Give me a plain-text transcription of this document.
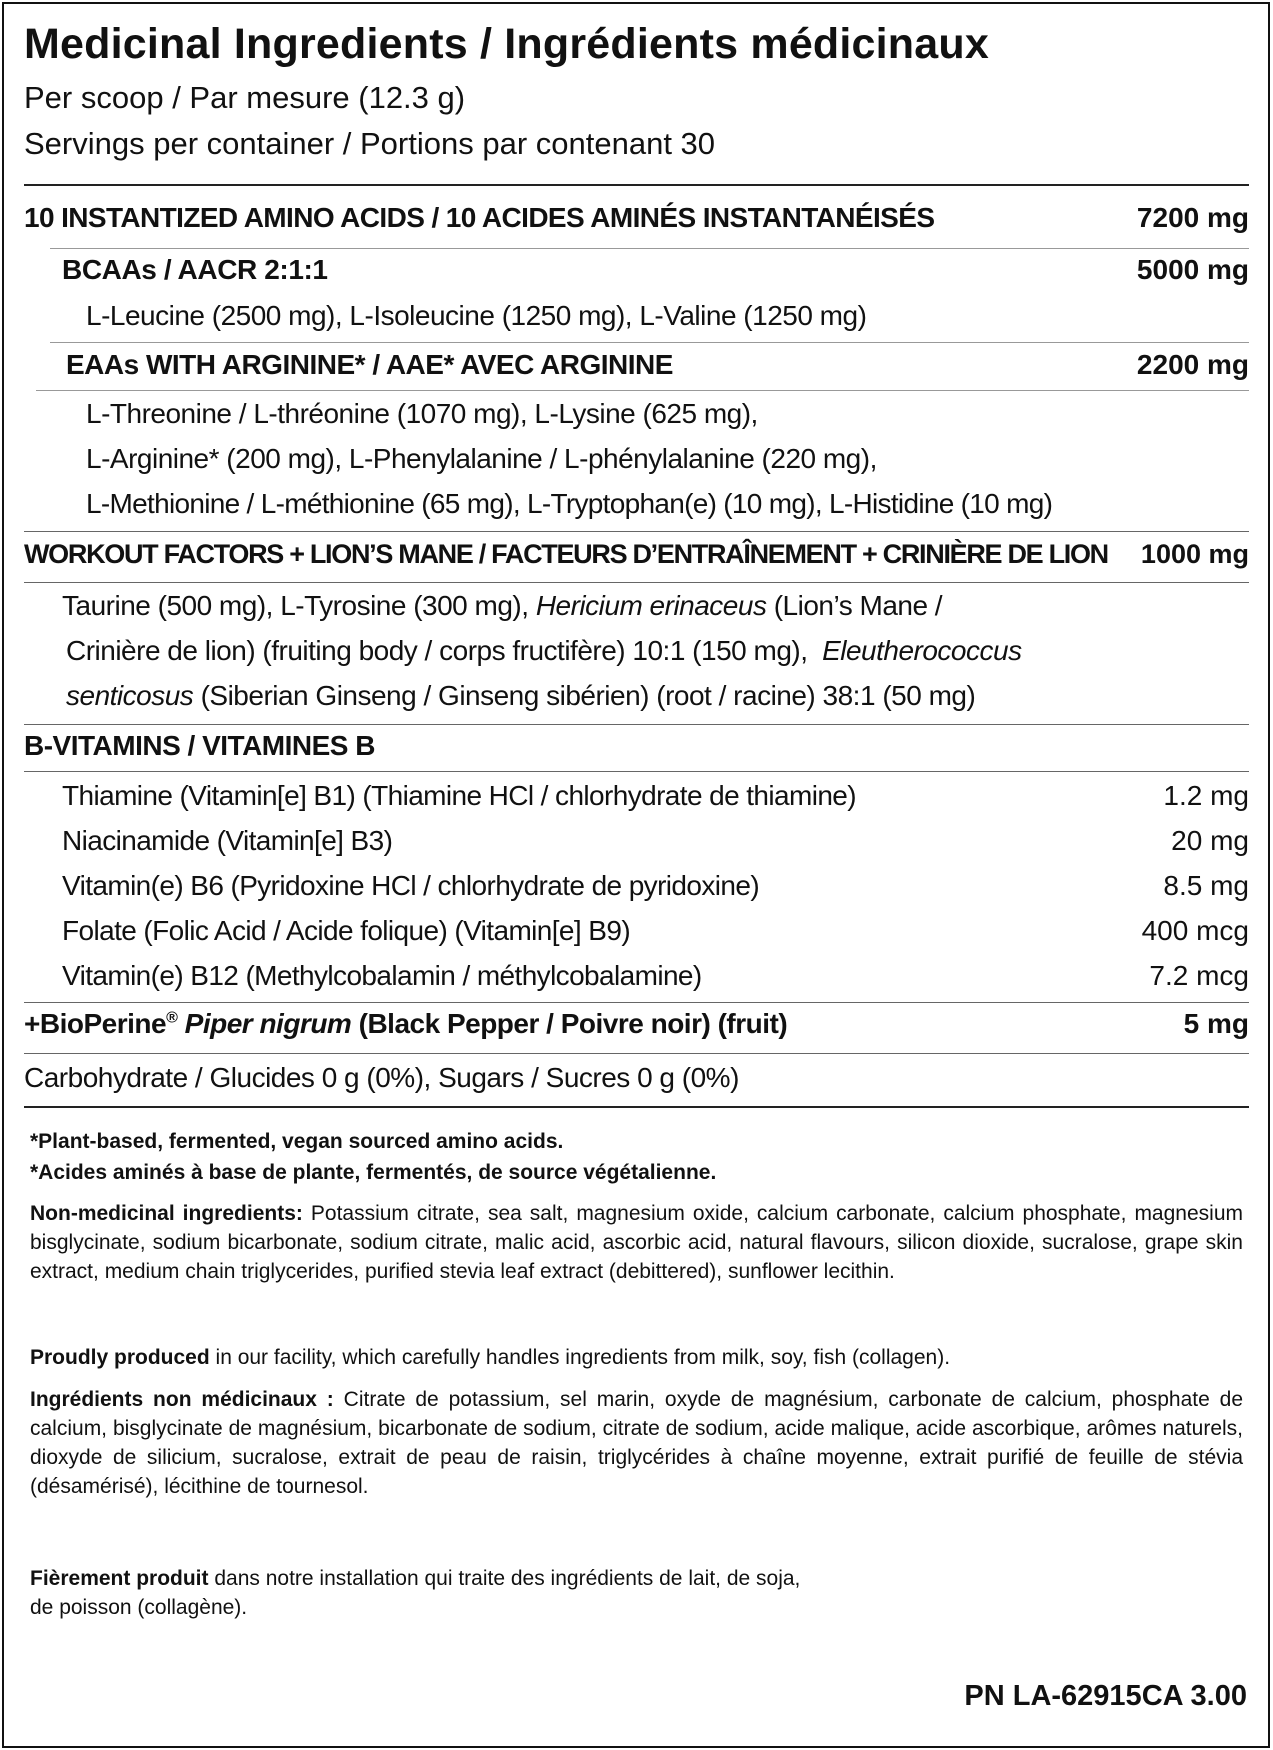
Medicinal Ingredients / Ingrédients médicinaux
Per scoop / Par mesure (12.3 g)
Servings per container / Portions par contenant 30
10 INSTANTIZED AMINO ACIDS / 10 ACIDES AMINÉS INSTANTANÉISÉS	7200 mg
BCAAs / AACR 2:1:1	5000 mg
L-Leucine (2500 mg), L-Isoleucine (1250 mg), L-Valine (1250 mg)
EAAs WITH ARGININE* / AAE* AVEC ARGININE	2200 mg
L-Threonine / L-thréonine (1070 mg), L-Lysine (625 mg),
L-Arginine* (200 mg), L-Phenylalanine / L-phénylalanine (220 mg),
L-Methionine / L-méthionine (65 mg), L-Tryptophan(e) (10 mg), L-Histidine (10 mg)
WORKOUT FACTORS + LION’S MANE / FACTEURS D’ENTRAÎNEMENT + CRINIÈRE DE LION 1000 mg
Taurine (500 mg), L-Tyrosine (300 mg), Hericium erinaceus (Lion’s Mane /
Crinière de lion) (fruiting body / corps fructifère) 10:1 (150 mg),  Eleutherococcus
senticosus (Siberian Ginseng / Ginseng sibérien) (root / racine) 38:1 (50 mg)
B-VITAMINS / VITAMINES B
Thiamine (Vitamin[e] B1) (Thiamine HCl / chlorhydrate de thiamine)	1.2 mg
Niacinamide (Vitamin[e] B3)	20 mg
Vitamin(e) B6 (Pyridoxine HCl / chlorhydrate de pyridoxine)	8.5 mg
Folate (Folic Acid / Acide folique) (Vitamin[e] B9)	400 mcg
Vitamin(e) B12 (Methylcobalamin / méthylcobalamine)	7.2 mcg
+BioPerine® Piper nigrum (Black Pepper / Poivre noir) (fruit)	5 mg
Carbohydrate / Glucides 0 g (0%), Sugars / Sucres 0 g (0%)
*Plant-based, fermented, vegan sourced amino acids.
*Acides aminés à base de plante, fermentés, de source végétalienne.
Non-medicinal ingredients: Potassium citrate, sea salt, magnesium oxide, calcium carbonate, calcium phosphate, magnesium bisglycinate, sodium bicarbonate, sodium citrate, malic acid, ascorbic acid, natural flavours, silicon dioxide, sucralose, grape skin extract, medium chain triglycerides, purified stevia leaf extract (debittered), sunflower lecithin.
Proudly produced in our facility, which carefully handles ingredients from milk, soy, fish (collagen).
Ingrédients non médicinaux : Citrate de potassium, sel marin, oxyde de magnésium, carbonate de calcium, phosphate de calcium, bisglycinate de magnésium, bicarbonate de sodium, citrate de sodium, acide malique, acide ascorbique, arômes naturels, dioxyde de silicium, sucralose, extrait de peau de raisin, triglycérides à chaîne moyenne, extrait purifié de feuille de stévia (désamérisé), lécithine de tournesol.
Fièrement produit dans notre installation qui traite des ingrédients de lait, de soja,
de poisson (collagène).
PN LA-62915CA 3.00
